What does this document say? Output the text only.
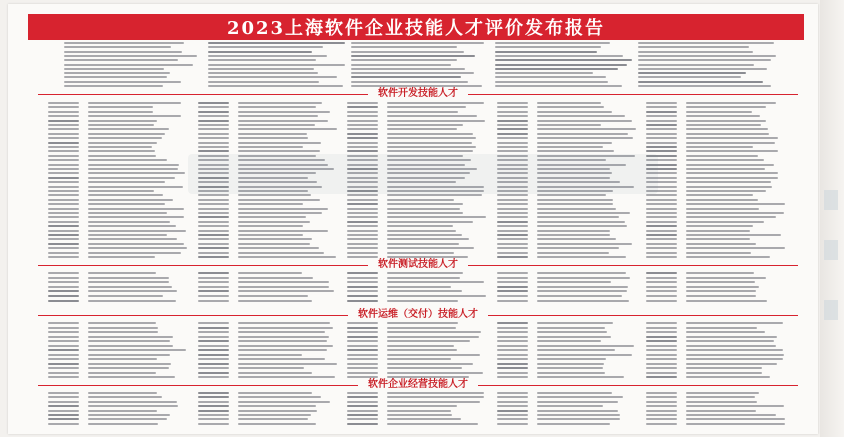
2023上海软件企业技能人才评价发布报告
软件开发技能人才
软件测试技能人才
软件运维（交付）技能人才
软件企业经营技能人才
